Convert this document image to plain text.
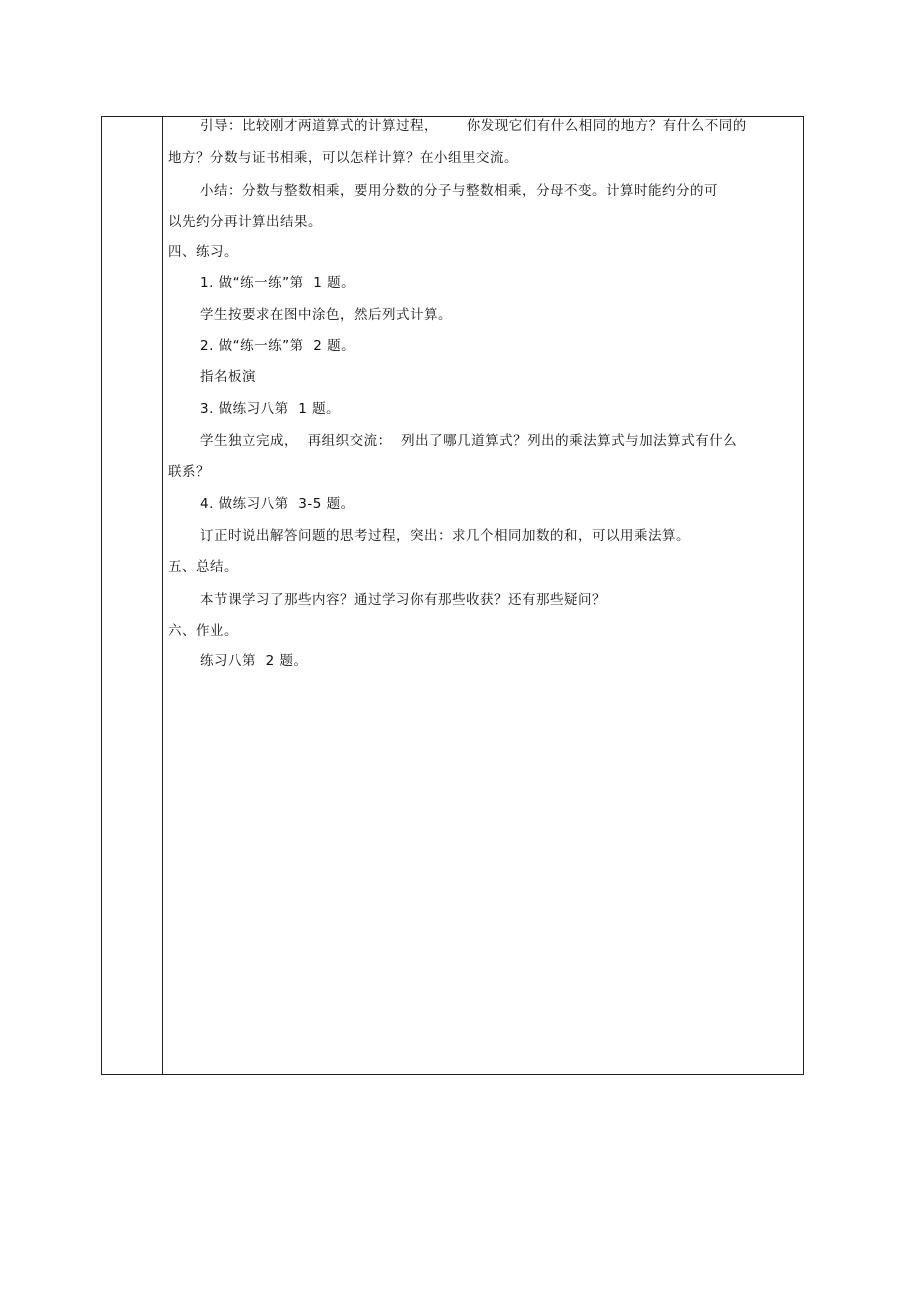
引导：比较刚才两道算式的计算过程，      你发现它们有什么相同的地方？有什么不同的
地方？分数与证书相乘，可以怎样计算？在小组里交流。
小结：分数与整数相乘，要用分数的分子与整数相乘，分母不变。计算时能约分的可
以先约分再计算出结果。
四、练习。
1. 做“练一练”第  1 题。
学生按要求在图中涂色，然后列式计算。
2. 做“练一练”第  2 题。
指名板演
3. 做练习八第  1 题。
学生独立完成，  再组织交流：  列出了哪几道算式？列出的乘法算式与加法算式有什么
联系？
4. 做练习八第  3-5 题。
订正时说出解答问题的思考过程，突出：求几个相同加数的和，可以用乘法算。
五、总结。
本节课学习了那些内容？通过学习你有那些收获？还有那些疑问？
六、作业。
练习八第  2 题。
